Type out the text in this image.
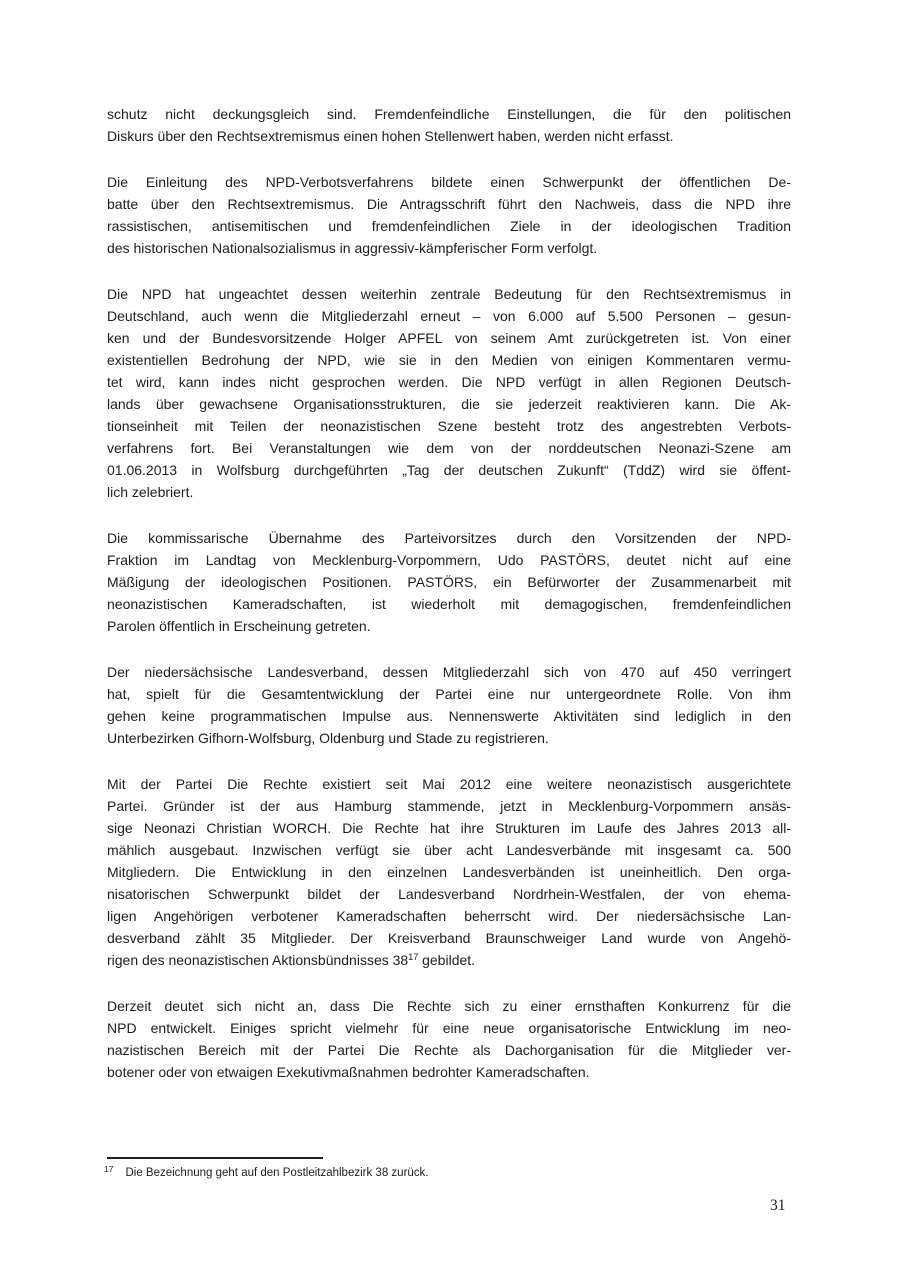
schutz nicht deckungsgleich sind. Fremdenfeindliche Einstellungen, die für den politischen
Diskurs über den Rechtsextremismus einen hohen Stellenwert haben, werden nicht erfasst.
Die Einleitung des NPD-Verbotsverfahrens bildete einen Schwerpunkt der öffentlichen De-
batte über den Rechtsextremismus. Die Antragsschrift führt den Nachweis, dass die NPD ihre
rassistischen, antisemitischen und fremdenfeindlichen Ziele in der ideologischen Tradition
des historischen Nationalsozialismus in aggressiv-kämpferischer Form verfolgt.
Die NPD hat ungeachtet dessen weiterhin zentrale Bedeutung für den Rechtsextremismus in
Deutschland, auch wenn die Mitgliederzahl erneut – von 6.000 auf 5.500 Personen – gesun-
ken und der Bundesvorsitzende Holger APFEL von seinem Amt zurückgetreten ist. Von einer
existentiellen Bedrohung der NPD, wie sie in den Medien von einigen Kommentaren vermu-
tet wird, kann indes nicht gesprochen werden. Die NPD verfügt in allen Regionen Deutsch-
lands über gewachsene Organisationsstrukturen, die sie jederzeit reaktivieren kann. Die Ak-
tionseinheit mit Teilen der neonazistischen Szene besteht trotz des angestrebten Verbots-
verfahrens fort. Bei Veranstaltungen wie dem von der norddeutschen Neonazi-Szene am
01.06.2013 in Wolfsburg durchgeführten „Tag der deutschen Zukunft“ (TddZ) wird sie öffent-
lich zelebriert.
Die kommissarische Übernahme des Parteivorsitzes durch den Vorsitzenden der NPD-
Fraktion im Landtag von Mecklenburg-Vorpommern, Udo PASTÖRS, deutet nicht auf eine
Mäßigung der ideologischen Positionen. PASTÖRS, ein Befürworter der Zusammenarbeit mit
neonazistischen Kameradschaften, ist wiederholt mit demagogischen, fremdenfeindlichen
Parolen öffentlich in Erscheinung getreten.
Der niedersächsische Landesverband, dessen Mitgliederzahl sich von 470 auf 450 verringert
hat, spielt für die Gesamtentwicklung der Partei eine nur untergeordnete Rolle. Von ihm
gehen keine programmatischen Impulse aus. Nennenswerte Aktivitäten sind lediglich in den
Unterbezirken Gifhorn-Wolfsburg, Oldenburg und Stade zu registrieren.
Mit der Partei Die Rechte existiert seit Mai 2012 eine weitere neonazistisch ausgerichtete
Partei. Gründer ist der aus Hamburg stammende, jetzt in Mecklenburg-Vorpommern ansäs-
sige Neonazi Christian WORCH. Die Rechte hat ihre Strukturen im Laufe des Jahres 2013 all-
mählich ausgebaut. Inzwischen verfügt sie über acht Landesverbände mit insgesamt ca. 500
Mitgliedern. Die Entwicklung in den einzelnen Landesverbänden ist uneinheitlich. Den orga-
nisatorischen Schwerpunkt bildet der Landesverband Nordrhein-Westfalen, der von ehema-
ligen Angehörigen verbotener Kameradschaften beherrscht wird. Der niedersächsische Lan-
desverband zählt 35 Mitglieder. Der Kreisverband Braunschweiger Land wurde von Angehö-
rigen des neonazistischen Aktionsbündnisses $38^{17}$ gebildet.
Derzeit deutet sich nicht an, dass Die Rechte sich zu einer ernsthaften Konkurrenz für die
NPD entwickelt. Einiges spricht vielmehr für eine neue organisatorische Entwicklung im neo-
nazistischen Bereich mit der Partei Die Rechte als Dachorganisation für die Mitglieder ver-
botener oder von etwaigen Exekutivmaßnahmen bedrohter Kameradschaften.
$^{17}$ Die Bezeichnung geht auf den Postleitzahlbezirk 38 zurück.
31
